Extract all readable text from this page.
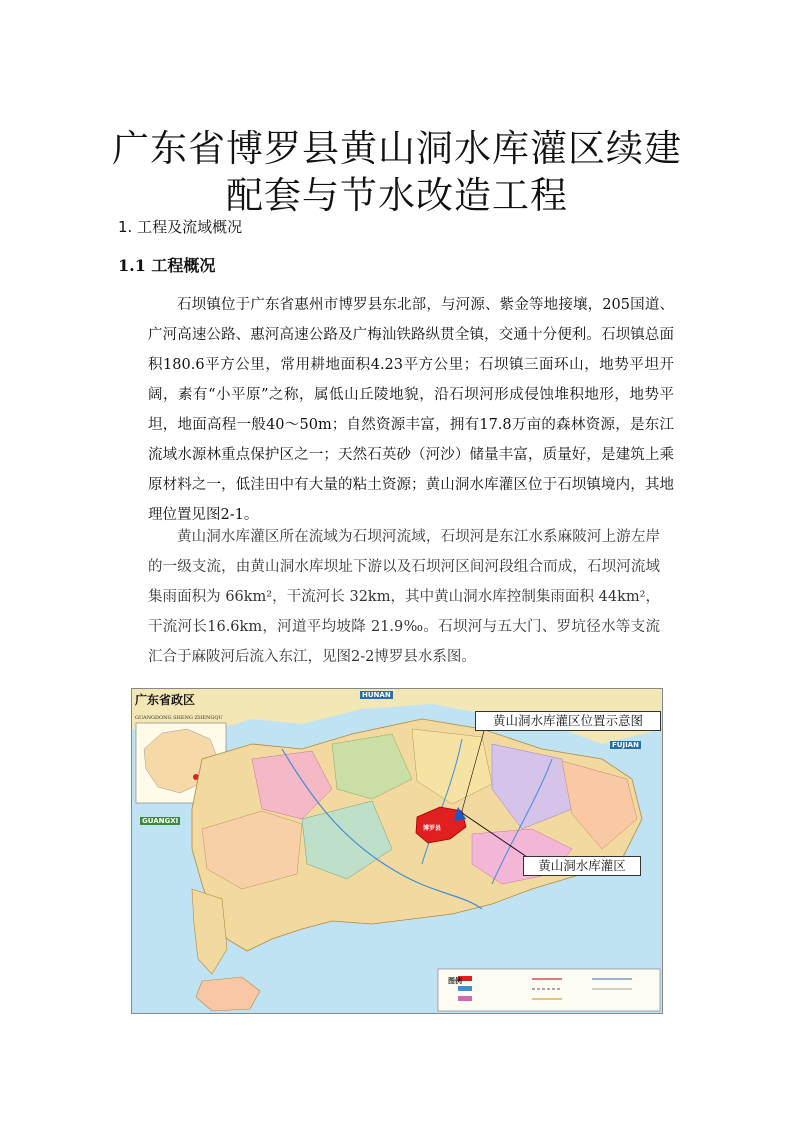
广东省博罗县黄山洞水库灌区续建
配套与节水改造工程
1. 工程及流域概况
1.1 工程概况

石坝镇位于广东省惠州市博罗县东北部，与河源、紫金等地接壤，205国道、广河高速公路、惠河高速公路及广梅汕铁路纵贯全镇，交通十分便利。石坝镇总面积180.6平方公里，常用耕地面积4.23平方公里；石坝镇三面环山，地势平坦开阔，素有“小平原”之称，属低山丘陵地貌，沿石坝河形成侵蚀堆积地形，地势平坦，地面高程一般40～50m；自然资源丰富，拥有17.8万亩的森林资源，是东江流域水源林重点保护区之一；天然石英砂（河沙）储量丰富，质量好，是建筑上乘原材料之一，低洼田中有大量的粘土资源；黄山洞水库灌区位于石坝镇境内，其地理位置见图2-1。

黄山洞水库灌区所在流域为石坝河流域，石坝河是东江水系麻陂河上游左岸的一级支流，由黄山洞水库坝址下游以及石坝河区间河段组合而成，石坝河流域集雨面积为 66km²，干流河长 32km，其中黄山洞水库控制集雨面积 44km²，干流河长16.6km，河道平均坡降 21.9‰。石坝河与五大门、罗坑径水等支流汇合于麻陂河后流入东江，见图2-2博罗县水系图。

广东省政区
GUANGDONG SHENG ZHENGQU
HUNAN
FUJIAN
GUANGXI
博罗县
图例
黄山洞水库灌区位置示意图
黄山洞水库灌区
